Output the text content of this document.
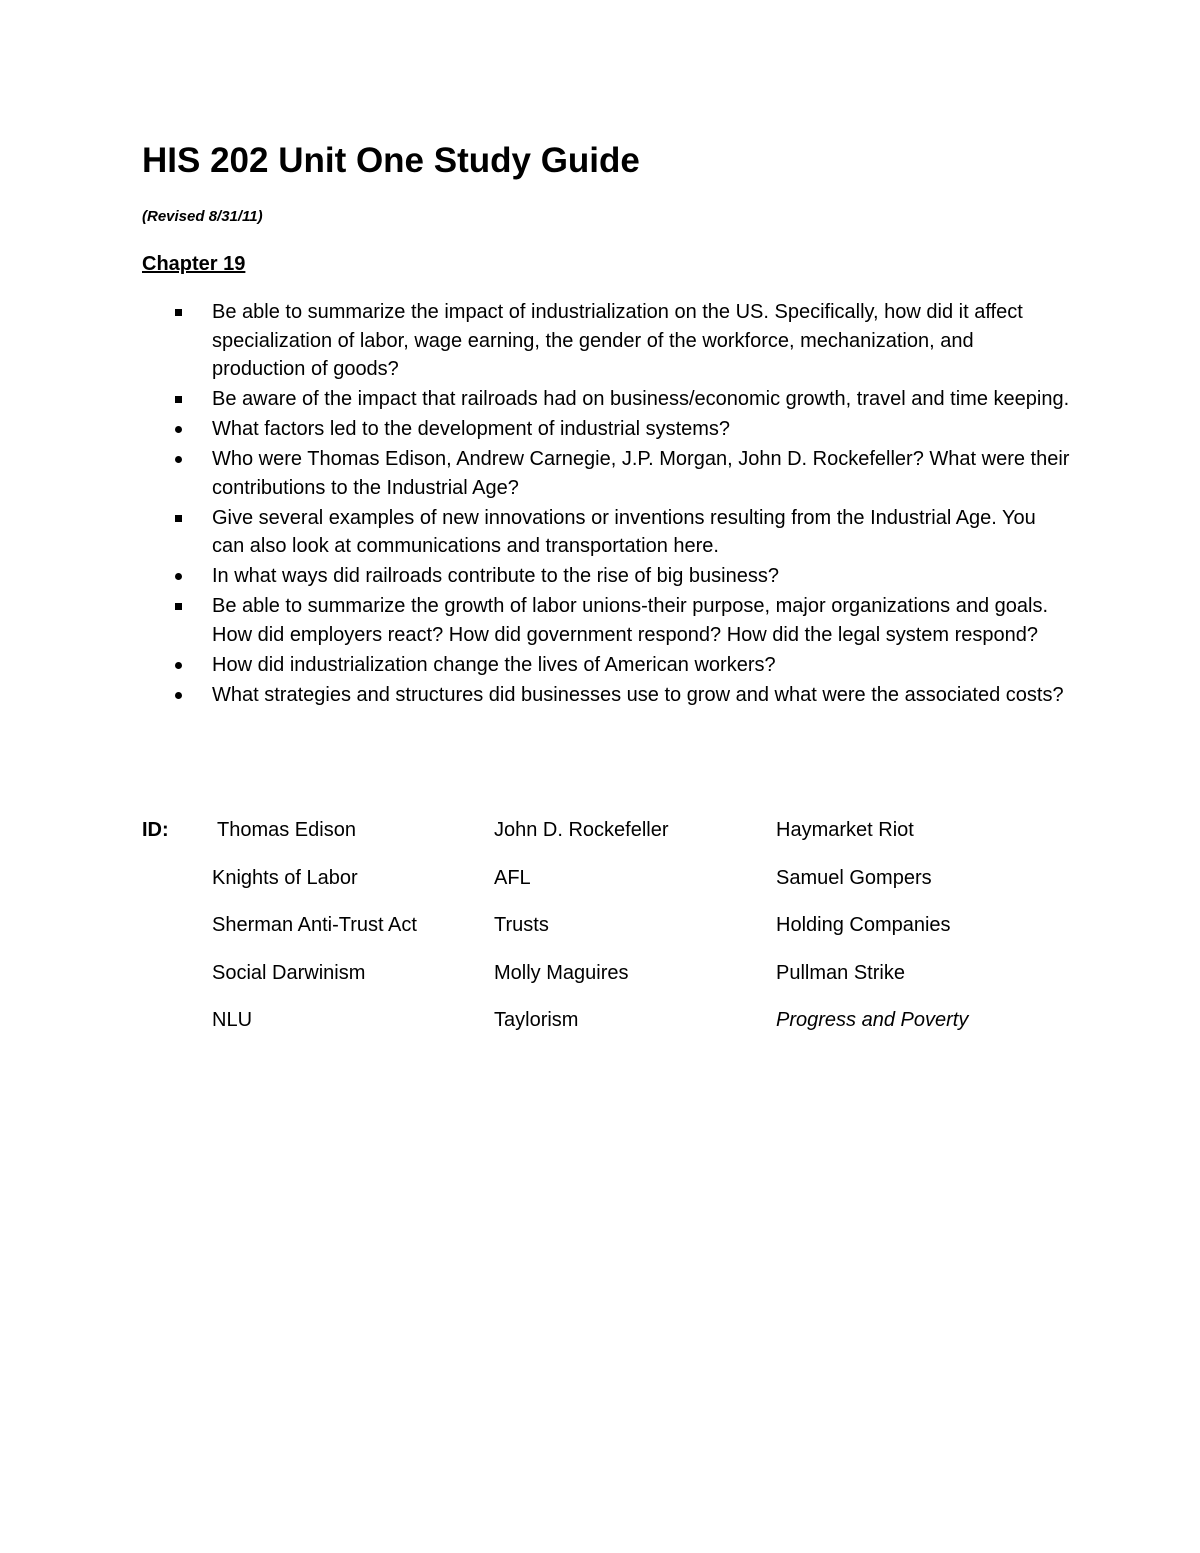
HIS 202 Unit One Study Guide
(Revised 8/31/11)
Chapter 19
Be able to summarize the impact of industrialization on the US. Specifically, how did it affect specialization of labor, wage earning, the gender of the workforce, mechanization, and production of goods?
Be aware of the impact that railroads had on business/economic growth, travel and time keeping.
What factors led to the development of industrial systems?
Who were Thomas Edison, Andrew Carnegie, J.P. Morgan, John D. Rockefeller? What were their contributions to the Industrial Age?
Give several examples of new innovations or inventions resulting from the Industrial Age. You can also look at communications and transportation here.
In what ways did railroads contribute to the rise of big business?
Be able to summarize the growth of labor unions-their purpose, major organizations and goals. How did employers react? How did government respond? How did the legal system respond?
How did industrialization change the lives of American workers?
What strategies and structures did businesses use to grow and what were the associated costs?
ID: Thomas Edison	John D. Rockefeller	Haymarket Riot
Knights of Labor	AFL	Samuel Gompers
Sherman Anti-Trust Act	Trusts	Holding Companies
Social Darwinism	Molly Maguires	Pullman Strike
NLU	Taylorism	Progress and Poverty
